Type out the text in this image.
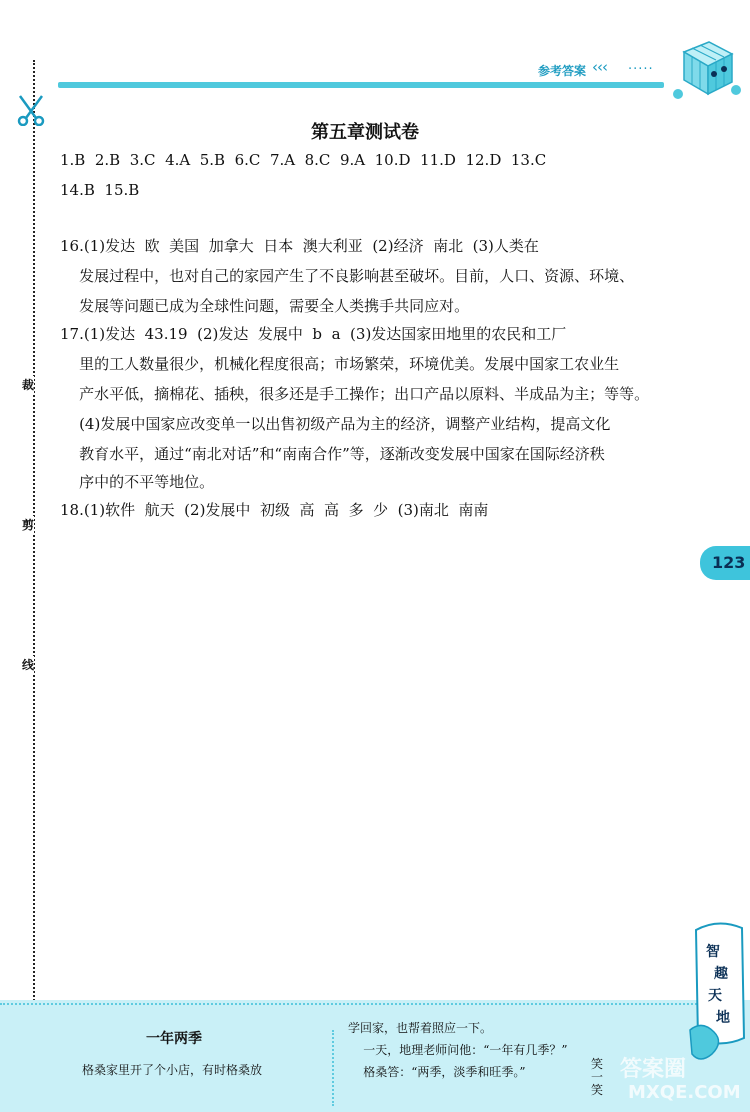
裁
剪
线
参考答案 ‹‹‹ ·····
第五章测试卷
1.B  2.B  3.C  4.A  5.B  6.C  7.A  8.C  9.A  10.D  11.D  12.D  13.C
14.B  15.B
16.(1)发达  欧  美国  加拿大  日本  澳大利亚  (2)经济  南北  (3)人类在
发展过程中，也对自己的家园产生了不良影响甚至破坏。目前，人口、资源、环境、
发展等问题已成为全球性问题，需要全人类携手共同应对。
17.(1)发达  43.19  (2)发达  发展中  b  a  (3)发达国家田地里的农民和工厂
里的工人数量很少，机械化程度很高；市场繁荣，环境优美。发展中国家工农业生
产水平低，摘棉花、插秧，很多还是手工操作；出口产品以原料、半成品为主；等等。
(4)发展中国家应改变单一以出售初级产品为主的经济，调整产业结构，提高文化
教育水平，通过“南北对话”和“南南合作”等，逐渐改变发展中国家在国际经济秩
序中的不平等地位。
18.(1)软件  航天  (2)发展中  初级  高  高  多  少  (3)南北  南南
123
一年两季
格桑家里开了个小店，有时格桑放
学回家，也帮着照应一下。
一天，地理老师问他：“一年有几季？”
格桑答：“两季，淡季和旺季。”
笑一笑
智
趣
天
地
答案圈
MXQE.COM
